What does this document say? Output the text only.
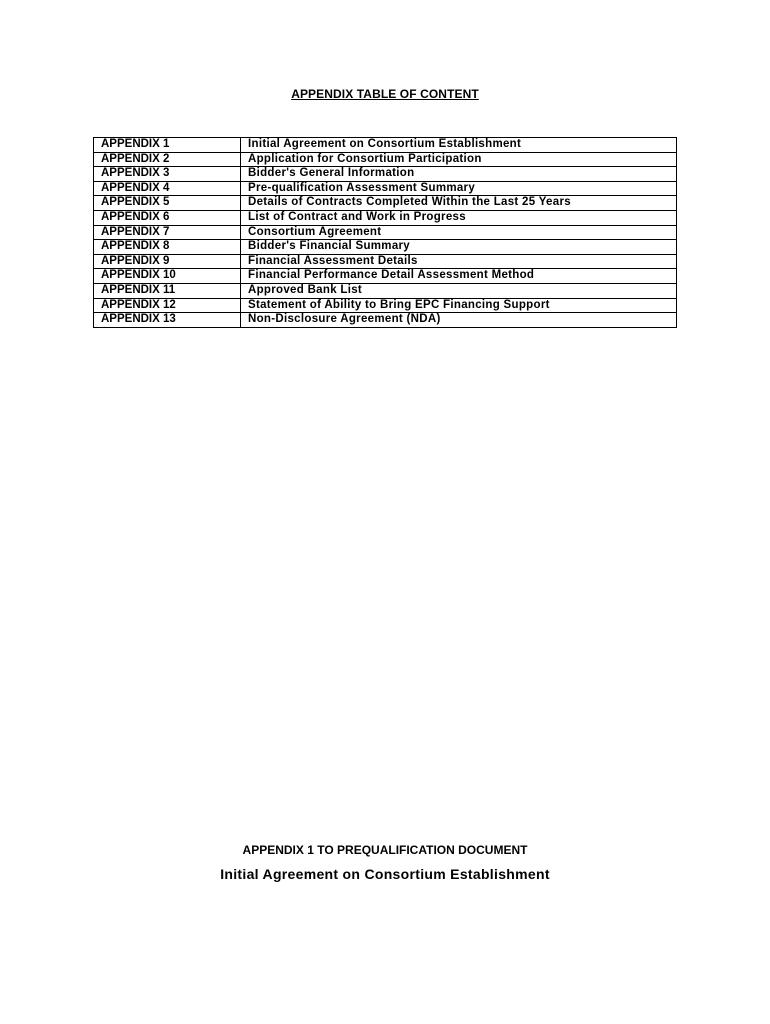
APPENDIX TABLE OF CONTENT
APPENDIX 1	Initial Agreement on Consortium Establishment
APPENDIX 2	Application for Consortium Participation
APPENDIX 3	Bidder's General Information
APPENDIX 4	Pre-qualification Assessment Summary
APPENDIX 5	Details of Contracts Completed Within the Last 25 Years
APPENDIX 6	List of Contract and Work in Progress
APPENDIX 7	Consortium Agreement
APPENDIX 8	Bidder's Financial Summary
APPENDIX 9	Financial Assessment Details
APPENDIX 10	Financial Performance Detail Assessment Method
APPENDIX 11	Approved Bank List
APPENDIX 12	Statement of Ability to Bring EPC Financing Support
APPENDIX 13	Non-Disclosure Agreement (NDA)
APPENDIX 1 TO PREQUALIFICATION DOCUMENT
Initial Agreement on Consortium Establishment
